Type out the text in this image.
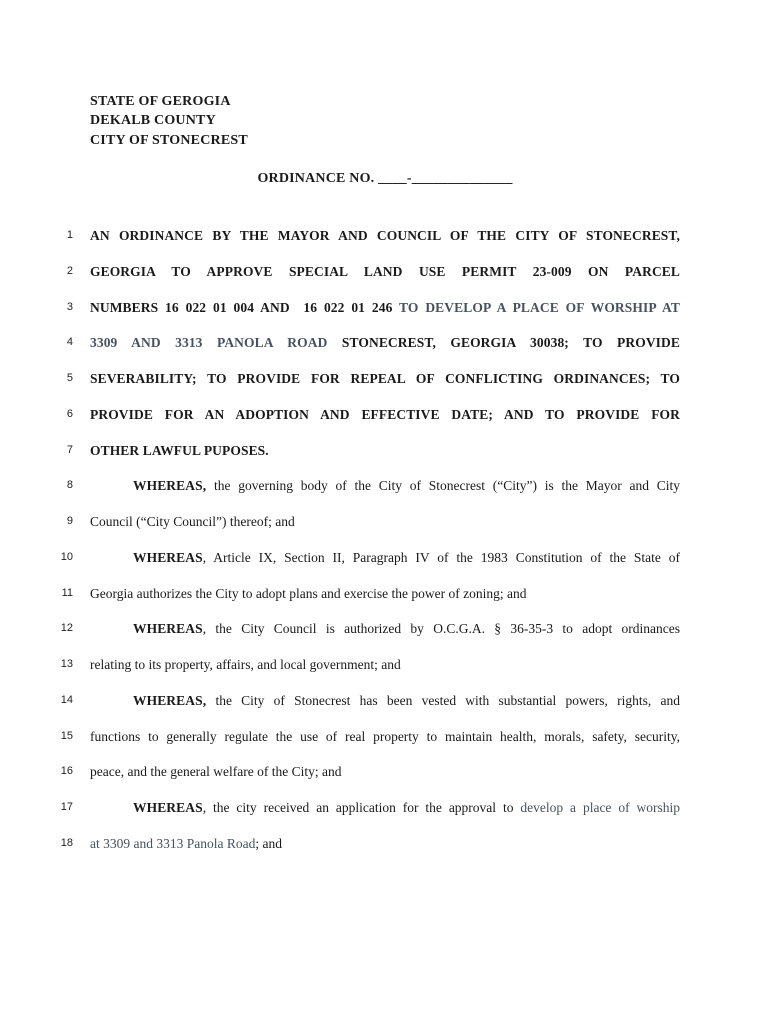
STATE OF GEROGIA
DEKALB COUNTY
CITY OF STONECREST
ORDINANCE NO. ____-______________
1 AN ORDINANCE BY THE MAYOR AND COUNCIL OF THE CITY OF STONECREST,
2 GEORGIA TO APPROVE SPECIAL LAND USE PERMIT 23-009 ON PARCEL
3 NUMBERS 16 022 01 004 AND  16 022 01 246 TO DEVELOP A PLACE OF WORSHIP AT
4 3309 AND 3313 PANOLA ROAD STONECREST, GEORGIA 30038; TO PROVIDE
5 SEVERABILITY; TO PROVIDE FOR REPEAL OF CONFLICTING ORDINANCES; TO
6 PROVIDE FOR AN ADOPTION AND EFFECTIVE DATE; AND TO PROVIDE FOR
7 OTHER LAWFUL PUPOSES.
8	WHEREAS, the governing body of the City of Stonecrest (“City”) is the Mayor and City
9 Council (“City Council”) thereof; and
10	WHEREAS, Article IX, Section II, Paragraph IV of the 1983 Constitution of the State of
11 Georgia authorizes the City to adopt plans and exercise the power of zoning; and
12	WHEREAS, the City Council is authorized by O.C.G.A. § 36-35-3 to adopt ordinances
13 relating to its property, affairs, and local government; and
14	WHEREAS, the City of Stonecrest has been vested with substantial powers, rights, and
15 functions to generally regulate the use of real property to maintain health, morals, safety, security,
16 peace, and the general welfare of the City; and
17	WHEREAS, the city received an application for the approval to develop a place of worship
18 at 3309 and 3313 Panola Road; and
